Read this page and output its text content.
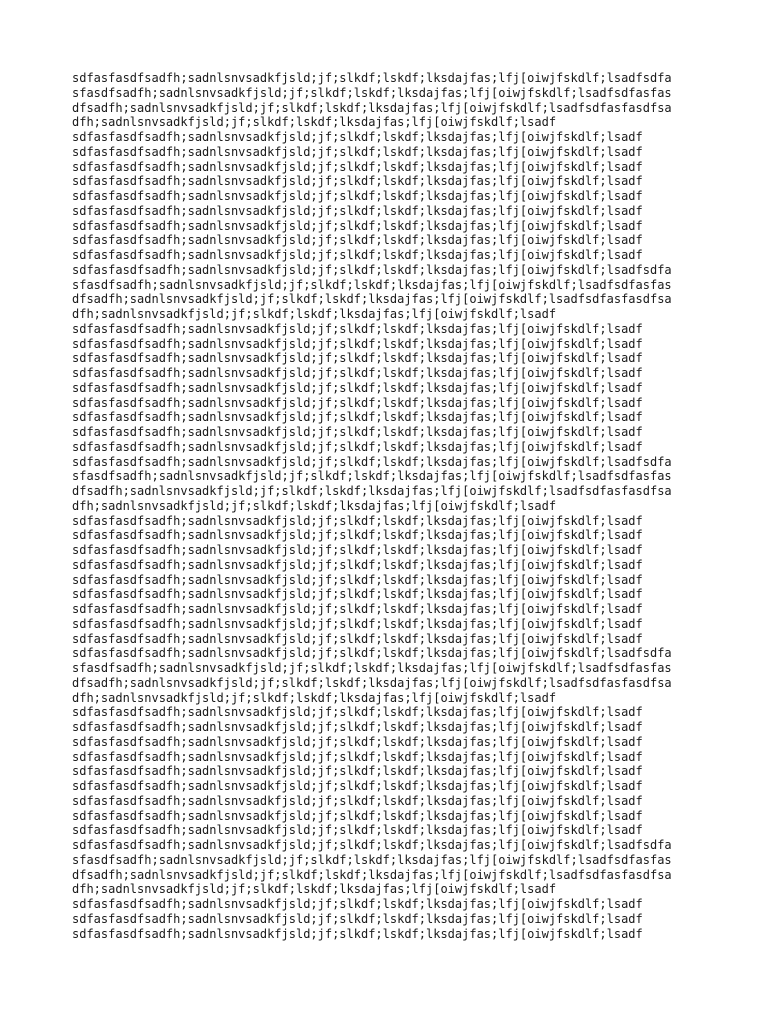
sdfasfasdfsadfh;sadnlsnvsadkfjsld;jf;slkdf;lskdf;lksdajfas;lfj[oiwjfskdlf;lsadfsdfa
sfasdfsadfh;sadnlsnvsadkfjsld;jf;slkdf;lskdf;lksdajfas;lfj[oiwjfskdlf;lsadfsdfasfas
dfsadfh;sadnlsnvsadkfjsld;jf;slkdf;lskdf;lksdajfas;lfj[oiwjfskdlf;lsadfsdfasfasdfsa
dfh;sadnlsnvsadkfjsld;jf;slkdf;lskdf;lksdajfas;lfj[oiwjfskdlf;lsadf
sdfasfasdfsadfh;sadnlsnvsadkfjsld;jf;slkdf;lskdf;lksdajfas;lfj[oiwjfskdlf;lsadf
sdfasfasdfsadfh;sadnlsnvsadkfjsld;jf;slkdf;lskdf;lksdajfas;lfj[oiwjfskdlf;lsadf
sdfasfasdfsadfh;sadnlsnvsadkfjsld;jf;slkdf;lskdf;lksdajfas;lfj[oiwjfskdlf;lsadf
sdfasfasdfsadfh;sadnlsnvsadkfjsld;jf;slkdf;lskdf;lksdajfas;lfj[oiwjfskdlf;lsadf
sdfasfasdfsadfh;sadnlsnvsadkfjsld;jf;slkdf;lskdf;lksdajfas;lfj[oiwjfskdlf;lsadf
sdfasfasdfsadfh;sadnlsnvsadkfjsld;jf;slkdf;lskdf;lksdajfas;lfj[oiwjfskdlf;lsadf
sdfasfasdfsadfh;sadnlsnvsadkfjsld;jf;slkdf;lskdf;lksdajfas;lfj[oiwjfskdlf;lsadf
sdfasfasdfsadfh;sadnlsnvsadkfjsld;jf;slkdf;lskdf;lksdajfas;lfj[oiwjfskdlf;lsadf
sdfasfasdfsadfh;sadnlsnvsadkfjsld;jf;slkdf;lskdf;lksdajfas;lfj[oiwjfskdlf;lsadf
sdfasfasdfsadfh;sadnlsnvsadkfjsld;jf;slkdf;lskdf;lksdajfas;lfj[oiwjfskdlf;lsadfsdfa
sfasdfsadfh;sadnlsnvsadkfjsld;jf;slkdf;lskdf;lksdajfas;lfj[oiwjfskdlf;lsadfsdfasfas
dfsadfh;sadnlsnvsadkfjsld;jf;slkdf;lskdf;lksdajfas;lfj[oiwjfskdlf;lsadfsdfasfasdfsa
dfh;sadnlsnvsadkfjsld;jf;slkdf;lskdf;lksdajfas;lfj[oiwjfskdlf;lsadf
sdfasfasdfsadfh;sadnlsnvsadkfjsld;jf;slkdf;lskdf;lksdajfas;lfj[oiwjfskdlf;lsadf
sdfasfasdfsadfh;sadnlsnvsadkfjsld;jf;slkdf;lskdf;lksdajfas;lfj[oiwjfskdlf;lsadf
sdfasfasdfsadfh;sadnlsnvsadkfjsld;jf;slkdf;lskdf;lksdajfas;lfj[oiwjfskdlf;lsadf
sdfasfasdfsadfh;sadnlsnvsadkfjsld;jf;slkdf;lskdf;lksdajfas;lfj[oiwjfskdlf;lsadf
sdfasfasdfsadfh;sadnlsnvsadkfjsld;jf;slkdf;lskdf;lksdajfas;lfj[oiwjfskdlf;lsadf
sdfasfasdfsadfh;sadnlsnvsadkfjsld;jf;slkdf;lskdf;lksdajfas;lfj[oiwjfskdlf;lsadf
sdfasfasdfsadfh;sadnlsnvsadkfjsld;jf;slkdf;lskdf;lksdajfas;lfj[oiwjfskdlf;lsadf
sdfasfasdfsadfh;sadnlsnvsadkfjsld;jf;slkdf;lskdf;lksdajfas;lfj[oiwjfskdlf;lsadf
sdfasfasdfsadfh;sadnlsnvsadkfjsld;jf;slkdf;lskdf;lksdajfas;lfj[oiwjfskdlf;lsadf
sdfasfasdfsadfh;sadnlsnvsadkfjsld;jf;slkdf;lskdf;lksdajfas;lfj[oiwjfskdlf;lsadfsdfa
sfasdfsadfh;sadnlsnvsadkfjsld;jf;slkdf;lskdf;lksdajfas;lfj[oiwjfskdlf;lsadfsdfasfas
dfsadfh;sadnlsnvsadkfjsld;jf;slkdf;lskdf;lksdajfas;lfj[oiwjfskdlf;lsadfsdfasfasdfsa
dfh;sadnlsnvsadkfjsld;jf;slkdf;lskdf;lksdajfas;lfj[oiwjfskdlf;lsadf
sdfasfasdfsadfh;sadnlsnvsadkfjsld;jf;slkdf;lskdf;lksdajfas;lfj[oiwjfskdlf;lsadf
sdfasfasdfsadfh;sadnlsnvsadkfjsld;jf;slkdf;lskdf;lksdajfas;lfj[oiwjfskdlf;lsadf
sdfasfasdfsadfh;sadnlsnvsadkfjsld;jf;slkdf;lskdf;lksdajfas;lfj[oiwjfskdlf;lsadf
sdfasfasdfsadfh;sadnlsnvsadkfjsld;jf;slkdf;lskdf;lksdajfas;lfj[oiwjfskdlf;lsadf
sdfasfasdfsadfh;sadnlsnvsadkfjsld;jf;slkdf;lskdf;lksdajfas;lfj[oiwjfskdlf;lsadf
sdfasfasdfsadfh;sadnlsnvsadkfjsld;jf;slkdf;lskdf;lksdajfas;lfj[oiwjfskdlf;lsadf
sdfasfasdfsadfh;sadnlsnvsadkfjsld;jf;slkdf;lskdf;lksdajfas;lfj[oiwjfskdlf;lsadf
sdfasfasdfsadfh;sadnlsnvsadkfjsld;jf;slkdf;lskdf;lksdajfas;lfj[oiwjfskdlf;lsadf
sdfasfasdfsadfh;sadnlsnvsadkfjsld;jf;slkdf;lskdf;lksdajfas;lfj[oiwjfskdlf;lsadf
sdfasfasdfsadfh;sadnlsnvsadkfjsld;jf;slkdf;lskdf;lksdajfas;lfj[oiwjfskdlf;lsadfsdfa
sfasdfsadfh;sadnlsnvsadkfjsld;jf;slkdf;lskdf;lksdajfas;lfj[oiwjfskdlf;lsadfsdfasfas
dfsadfh;sadnlsnvsadkfjsld;jf;slkdf;lskdf;lksdajfas;lfj[oiwjfskdlf;lsadfsdfasfasdfsa
dfh;sadnlsnvsadkfjsld;jf;slkdf;lskdf;lksdajfas;lfj[oiwjfskdlf;lsadf
sdfasfasdfsadfh;sadnlsnvsadkfjsld;jf;slkdf;lskdf;lksdajfas;lfj[oiwjfskdlf;lsadf
sdfasfasdfsadfh;sadnlsnvsadkfjsld;jf;slkdf;lskdf;lksdajfas;lfj[oiwjfskdlf;lsadf
sdfasfasdfsadfh;sadnlsnvsadkfjsld;jf;slkdf;lskdf;lksdajfas;lfj[oiwjfskdlf;lsadf
sdfasfasdfsadfh;sadnlsnvsadkfjsld;jf;slkdf;lskdf;lksdajfas;lfj[oiwjfskdlf;lsadf
sdfasfasdfsadfh;sadnlsnvsadkfjsld;jf;slkdf;lskdf;lksdajfas;lfj[oiwjfskdlf;lsadf
sdfasfasdfsadfh;sadnlsnvsadkfjsld;jf;slkdf;lskdf;lksdajfas;lfj[oiwjfskdlf;lsadf
sdfasfasdfsadfh;sadnlsnvsadkfjsld;jf;slkdf;lskdf;lksdajfas;lfj[oiwjfskdlf;lsadf
sdfasfasdfsadfh;sadnlsnvsadkfjsld;jf;slkdf;lskdf;lksdajfas;lfj[oiwjfskdlf;lsadf
sdfasfasdfsadfh;sadnlsnvsadkfjsld;jf;slkdf;lskdf;lksdajfas;lfj[oiwjfskdlf;lsadf
sdfasfasdfsadfh;sadnlsnvsadkfjsld;jf;slkdf;lskdf;lksdajfas;lfj[oiwjfskdlf;lsadfsdfa
sfasdfsadfh;sadnlsnvsadkfjsld;jf;slkdf;lskdf;lksdajfas;lfj[oiwjfskdlf;lsadfsdfasfas
dfsadfh;sadnlsnvsadkfjsld;jf;slkdf;lskdf;lksdajfas;lfj[oiwjfskdlf;lsadfsdfasfasdfsa
dfh;sadnlsnvsadkfjsld;jf;slkdf;lskdf;lksdajfas;lfj[oiwjfskdlf;lsadf
sdfasfasdfsadfh;sadnlsnvsadkfjsld;jf;slkdf;lskdf;lksdajfas;lfj[oiwjfskdlf;lsadf
sdfasfasdfsadfh;sadnlsnvsadkfjsld;jf;slkdf;lskdf;lksdajfas;lfj[oiwjfskdlf;lsadf
sdfasfasdfsadfh;sadnlsnvsadkfjsld;jf;slkdf;lskdf;lksdajfas;lfj[oiwjfskdlf;lsadf
